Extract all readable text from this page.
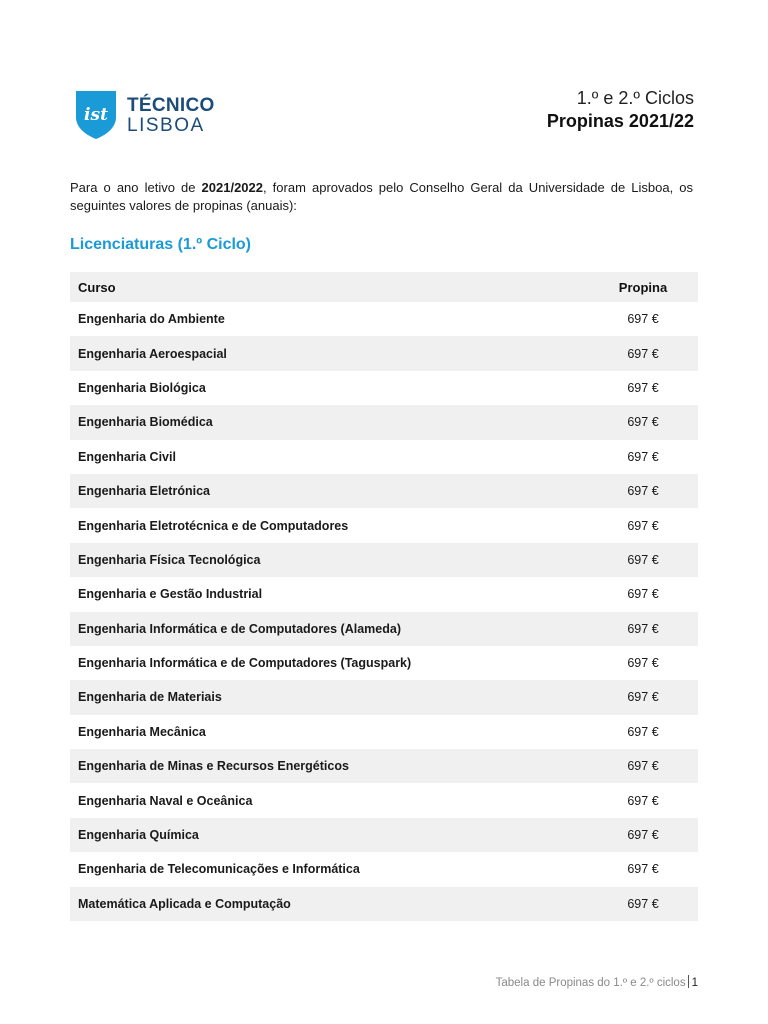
ist TÉCNICO
LISBOA
1.º e 2.º Ciclos
Propinas 2021/22

Para o ano letivo de 2021/2022, foram aprovados pelo Conselho Geral da Universidade de Lisboa, os seguintes valores de propinas (anuais):

Licenciaturas (1.º Ciclo)
Curso	Propina
Engenharia do Ambiente	697 €
Engenharia Aeroespacial	697 €
Engenharia Biológica	697 €
Engenharia Biomédica	697 €
Engenharia Civil	697 €
Engenharia Eletrónica	697 €
Engenharia Eletrotécnica e de Computadores	697 €
Engenharia Física Tecnológica	697 €
Engenharia e Gestão Industrial	697 €
Engenharia Informática e de Computadores (Alameda)	697 €
Engenharia Informática e de Computadores (Taguspark)	697 €
Engenharia de Materiais	697 €
Engenharia Mecânica	697 €
Engenharia de Minas e Recursos Energéticos	697 €
Engenharia Naval e Oceânica	697 €
Engenharia Química	697 €
Engenharia de Telecomunicações e Informática	697 €
Matemática Aplicada e Computação	697 €
Tabela de Propinas do 1.º e 2.º ciclos 1
